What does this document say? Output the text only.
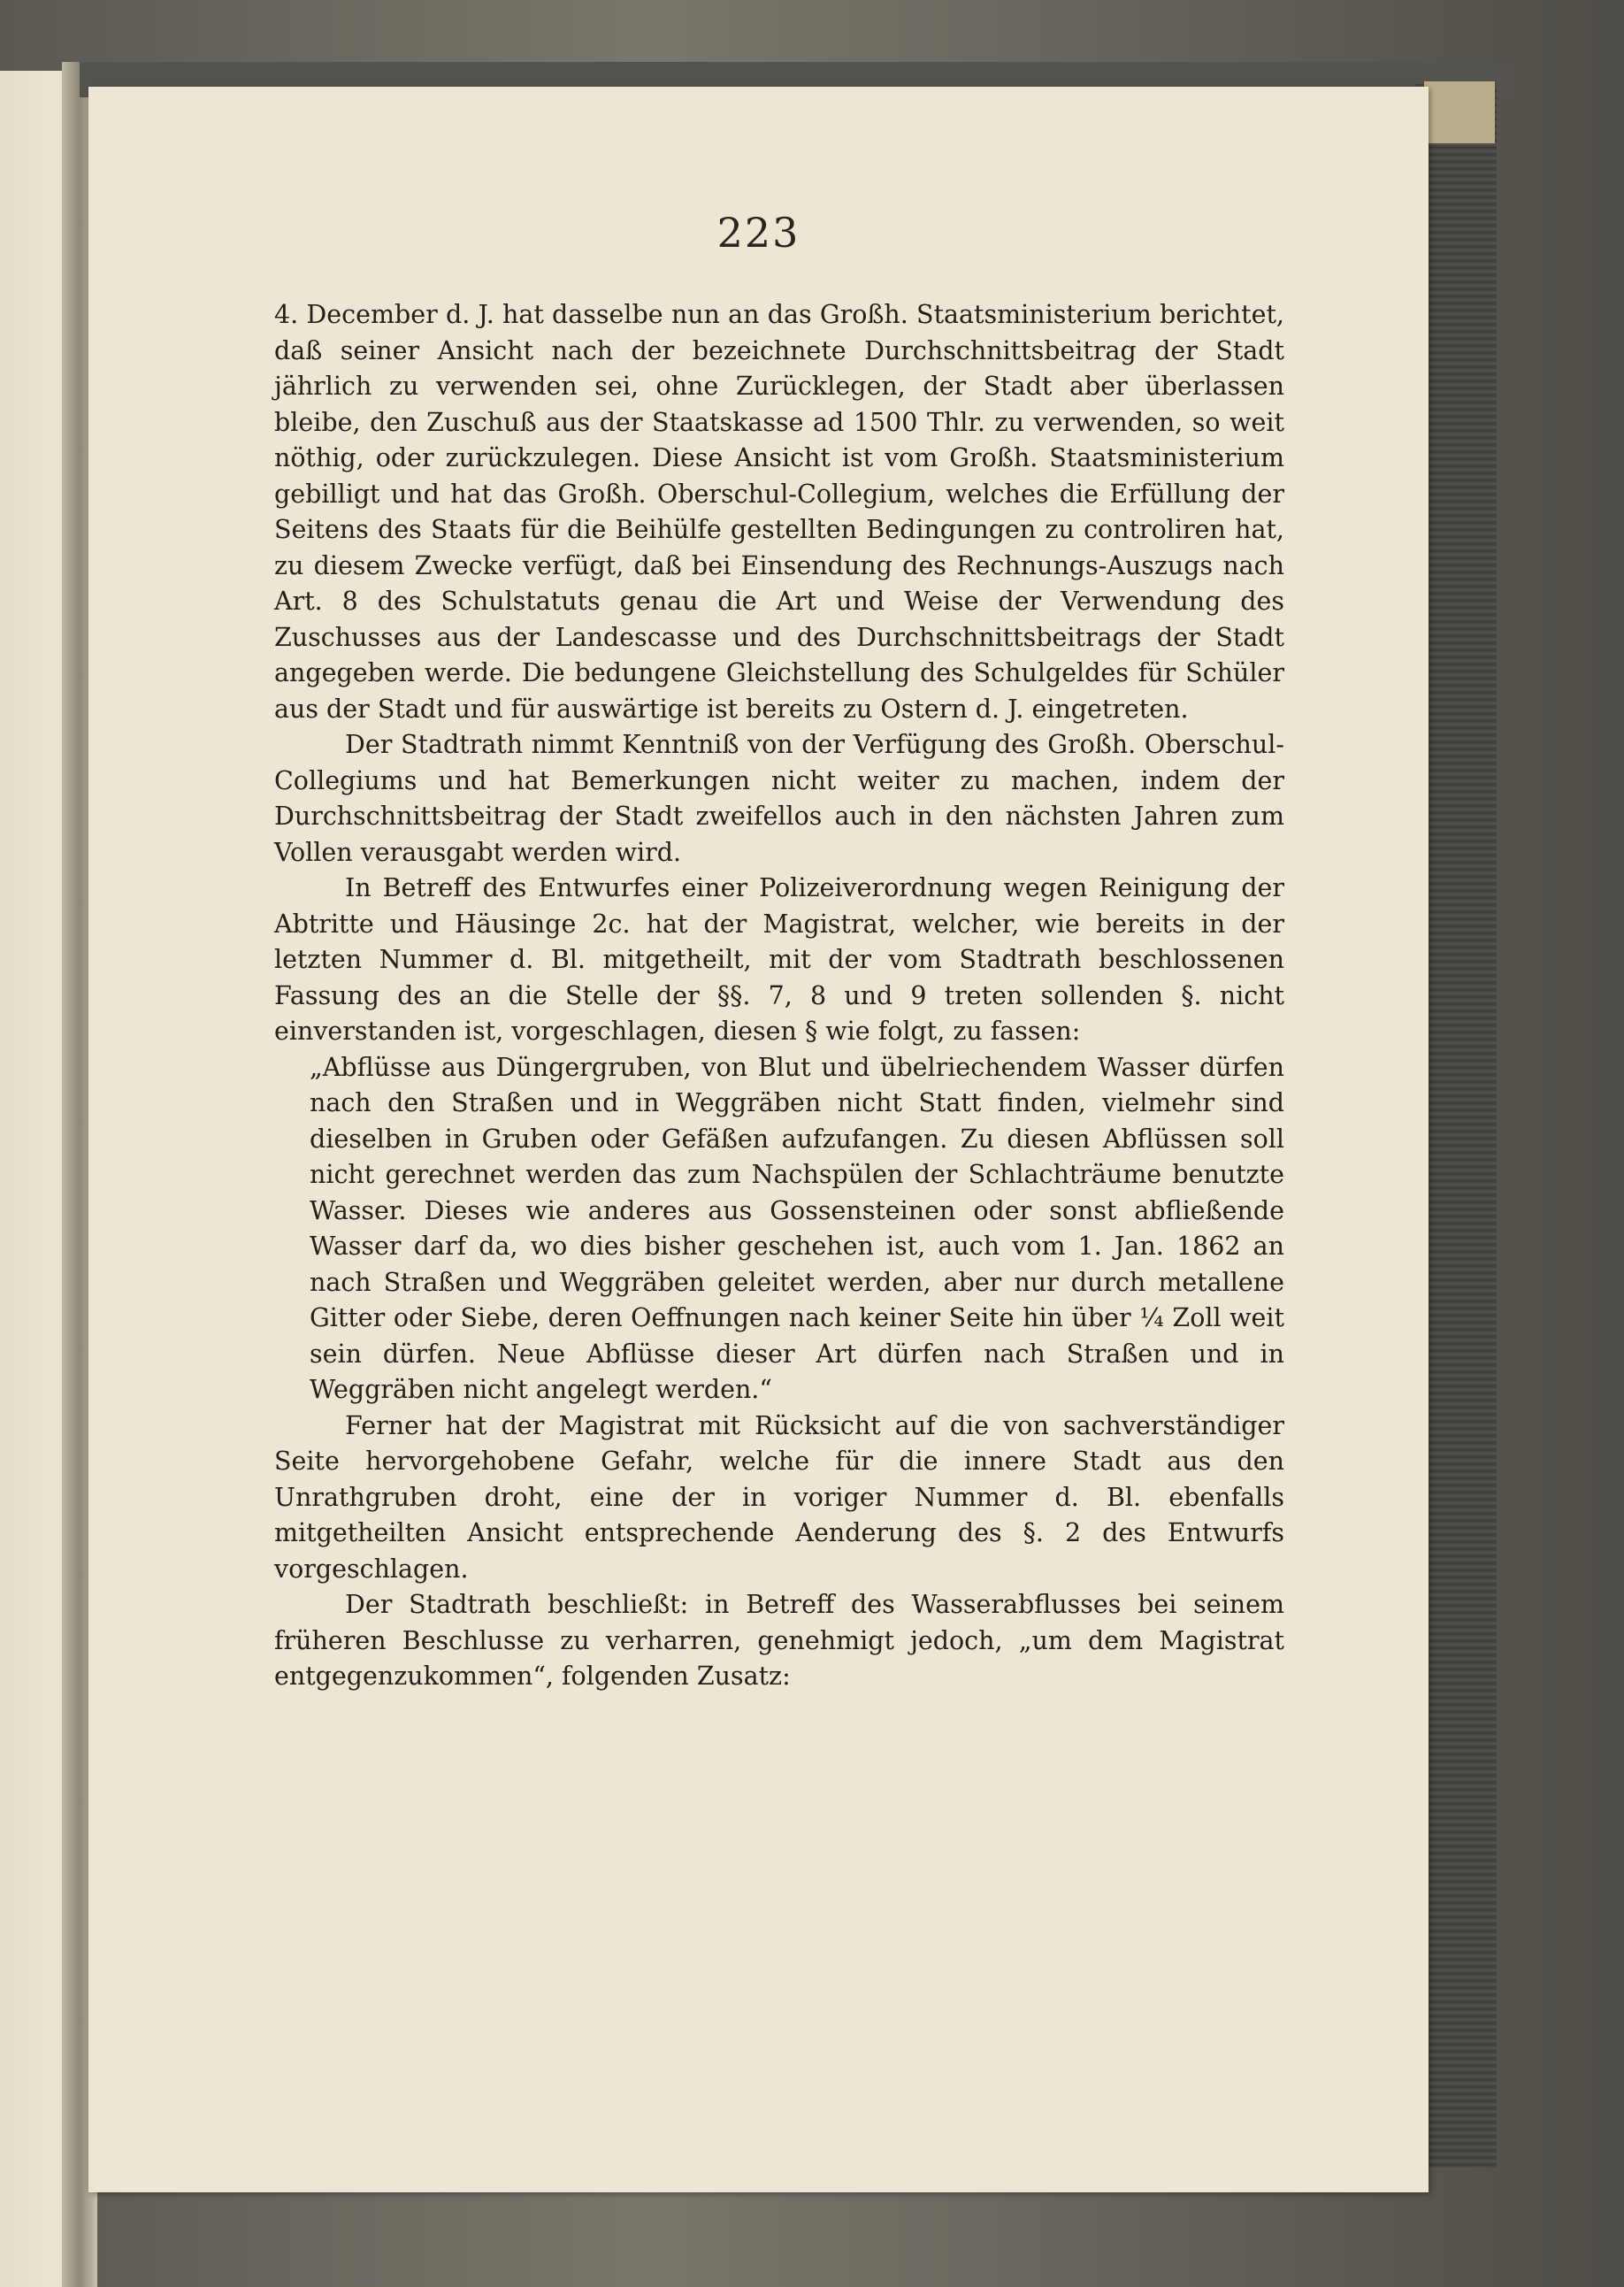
223

4. December d. J. hat dasselbe nun an das Großh. Staatsministerium berichtet, daß seiner Ansicht nach der bezeichnete Durchschnittsbeitrag der Stadt jährlich zu verwenden sei, ohne Zurücklegen, der Stadt aber überlassen bleibe, den Zuschuß aus der Staatskasse ad 1500 Thlr. zu verwenden, so weit nöthig, oder zurückzulegen. Diese Ansicht ist vom Großh. Staatsministerium gebilligt und hat das Großh. Oberschul-Collegium, welches die Erfüllung der Seitens des Staats für die Beihülfe gestellten Bedingungen zu controliren hat, zu diesem Zwecke verfügt, daß bei Einsendung des Rechnungs-Auszugs nach Art. 8 des Schulstatuts genau die Art und Weise der Verwendung des Zuschusses aus der Landescasse und des Durchschnittsbeitrags der Stadt angegeben werde. Die bedungene Gleichstellung des Schulgeldes für Schüler aus der Stadt und für auswärtige ist bereits zu Ostern d. J. eingetreten.

Der Stadtrath nimmt Kenntniß von der Verfügung des Großh. Oberschul-Collegiums und hat Bemerkungen nicht weiter zu machen, indem der Durchschnittsbeitrag der Stadt zweifellos auch in den nächsten Jahren zum Vollen verausgabt werden wird.

In Betreff des Entwurfes einer Polizeiverordnung wegen Reinigung der Abtritte und Häusinge 2c. hat der Magistrat, welcher, wie bereits in der letzten Nummer d. Bl. mitgetheilt, mit der vom Stadtrath beschlossenen Fassung des an die Stelle der §§. 7, 8 und 9 treten sollenden §. nicht einverstanden ist, vorgeschlagen, diesen § wie folgt, zu fassen:

„Abflüsse aus Düngergruben, von Blut und übelriechendem Wasser dürfen nach den Straßen und in Weggräben nicht Statt finden, vielmehr sind dieselben in Gruben oder Gefäßen aufzufangen. Zu diesen Abflüssen soll nicht gerechnet werden das zum Nachspülen der Schlachträume benutzte Wasser. Dieses wie anderes aus Gossensteinen oder sonst abfließende Wasser darf da, wo dies bisher geschehen ist, auch vom 1. Jan. 1862 an nach Straßen und Weggräben geleitet werden, aber nur durch metallene Gitter oder Siebe, deren Oeffnungen nach keiner Seite hin über ¼ Zoll weit sein dürfen. Neue Abflüsse dieser Art dürfen nach Straßen und in Weggräben nicht angelegt werden.“

Ferner hat der Magistrat mit Rücksicht auf die von sachverständiger Seite hervorgehobene Gefahr, welche für die innere Stadt aus den Unrathgruben droht, eine der in voriger Nummer d. Bl. ebenfalls mitgetheilten Ansicht entsprechende Aenderung des §. 2 des Entwurfs vorgeschlagen.

Der Stadtrath beschließt: in Betreff des Wasserabflusses bei seinem früheren Beschlusse zu verharren, genehmigt jedoch, „um dem Magistrat entgegenzukommen“, folgenden Zusatz:
